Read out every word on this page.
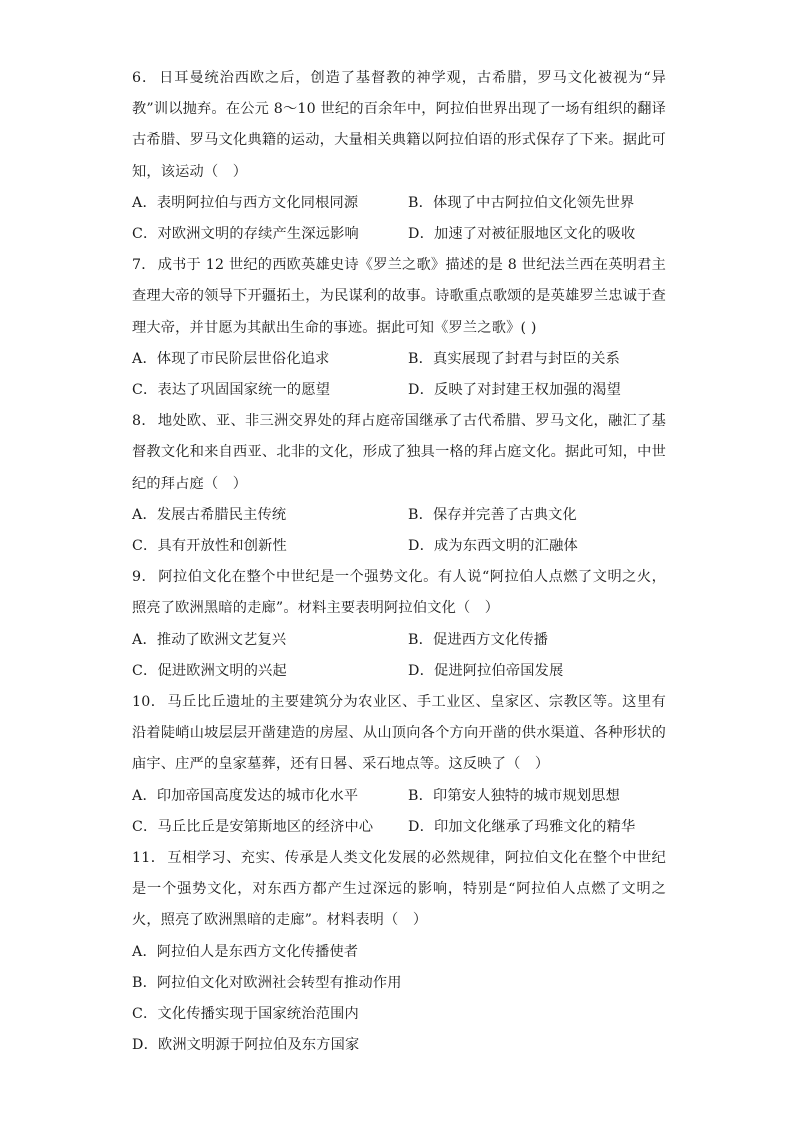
6． 日耳曼统治西欧之后，创造了基督教的神学观，古希腊，罗马文化被视为“异教”训以抛弃。在公元 8～10 世纪的百余年中，阿拉伯世界出现了一场有组织的翻译古希腊、罗马文化典籍的运动，大量相关典籍以阿拉伯语的形式保存了下来。据此可知，该运动（　）

A．表明阿拉伯与西方文化同根同源	B．体现了中古阿拉伯文化领先世界
C．对欧洲文明的存续产生深远影响	D．加速了对被征服地区文化的吸收

7． 成书于 12 世纪的西欧英雄史诗《罗兰之歌》描述的是 8 世纪法兰西在英明君主查理大帝的领导下开疆拓土，为民谋利的故事。诗歌重点歌颂的是英雄罗兰忠诚于查理大帝，并甘愿为其献出生命的事迹。据此可知《罗兰之歌》( )

A．体现了市民阶层世俗化追求	B．真实展现了封君与封臣的关系
C．表达了巩固国家统一的愿望	D．反映了对封建王权加强的渴望

8． 地处欧、亚、非三洲交界处的拜占庭帝国继承了古代希腊、罗马文化，融汇了基督教文化和来自西亚、北非的文化，形成了独具一格的拜占庭文化。据此可知，中世纪的拜占庭（　）

A．发展古希腊民主传统	B．保存并完善了古典文化
C．具有开放性和创新性	D．成为东西文明的汇融体

9． 阿拉伯文化在整个中世纪是一个强势文化。有人说“阿拉伯人点燃了文明之火，照亮了欧洲黑暗的走廊”。材料主要表明阿拉伯文化（　）

A．推动了欧洲文艺复兴	B．促进西方文化传播
C．促进欧洲文明的兴起	D．促进阿拉伯帝国发展

10． 马丘比丘遗址的主要建筑分为农业区、手工业区、皇家区、宗教区等。这里有沿着陡峭山坡层层开凿建造的房屋、从山顶向各个方向开凿的供水渠道、各种形状的庙宇、庄严的皇家墓葬，还有日晷、采石地点等。这反映了（　）

A．印加帝国高度发达的城市化水平	B．印第安人独特的城市规划思想
C．马丘比丘是安第斯地区的经济中心	D．印加文化继承了玛雅文化的精华

11． 互相学习、充实、传承是人类文化发展的必然规律，阿拉伯文化在整个中世纪是一个强势文化，对东西方都产生过深远的影响，特别是“阿拉伯人点燃了文明之火，照亮了欧洲黑暗的走廊”。材料表明（　）

A．阿拉伯人是东西方文化传播使者
B．阿拉伯文化对欧洲社会转型有推动作用
C．文化传播实现于国家统治范围内
D．欧洲文明源于阿拉伯及东方国家
